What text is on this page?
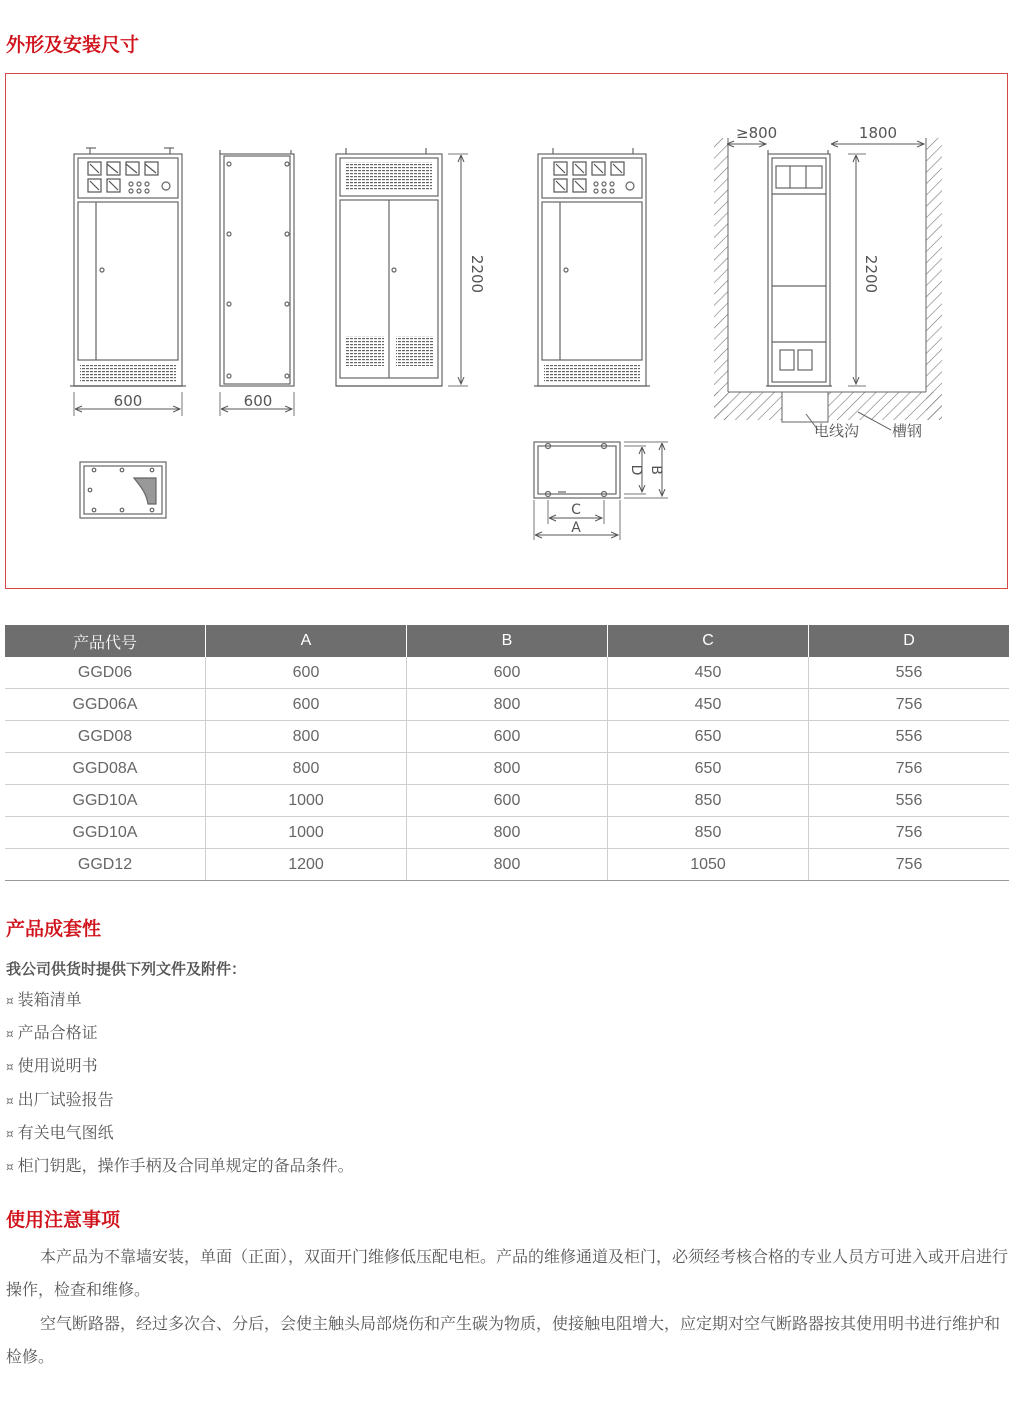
外形及安装尺寸
600	600
2200
≥800	1800
2200
电线沟 槽钢
B
D
C
A
产品代号	A	B	C	D
GGD06	600	600	450	556
GGD06A	600	800	450	756
GGD08	800	600	650	556
GGD08A	800	800	650	756
GGD10A	1000	600	850	556
GGD10A	1000	800	850	756
GGD12	1200	800	1050	756
产品成套性

我公司供货时提供下列文件及附件：

¤ 装箱清单
¤ 产品合格证
¤ 使用说明书
¤ 出厂试验报告
¤ 有关电气图纸
¤ 柜门钥匙，操作手柄及合同单规定的备品条件。
使用注意事项

本产品为不靠墙安装，单面（正面），双面开门维修低压配电柜。产品的维修通道及柜门，必须经考核合格的专业人员方可进入或开启进行操作，检查和维修。

空气断路器，经过多次合、分后，会使主触头局部烧伤和产生碳为物质，使接触电阻增大，应定期对空气断路器按其使用明书进行维护和检修。
